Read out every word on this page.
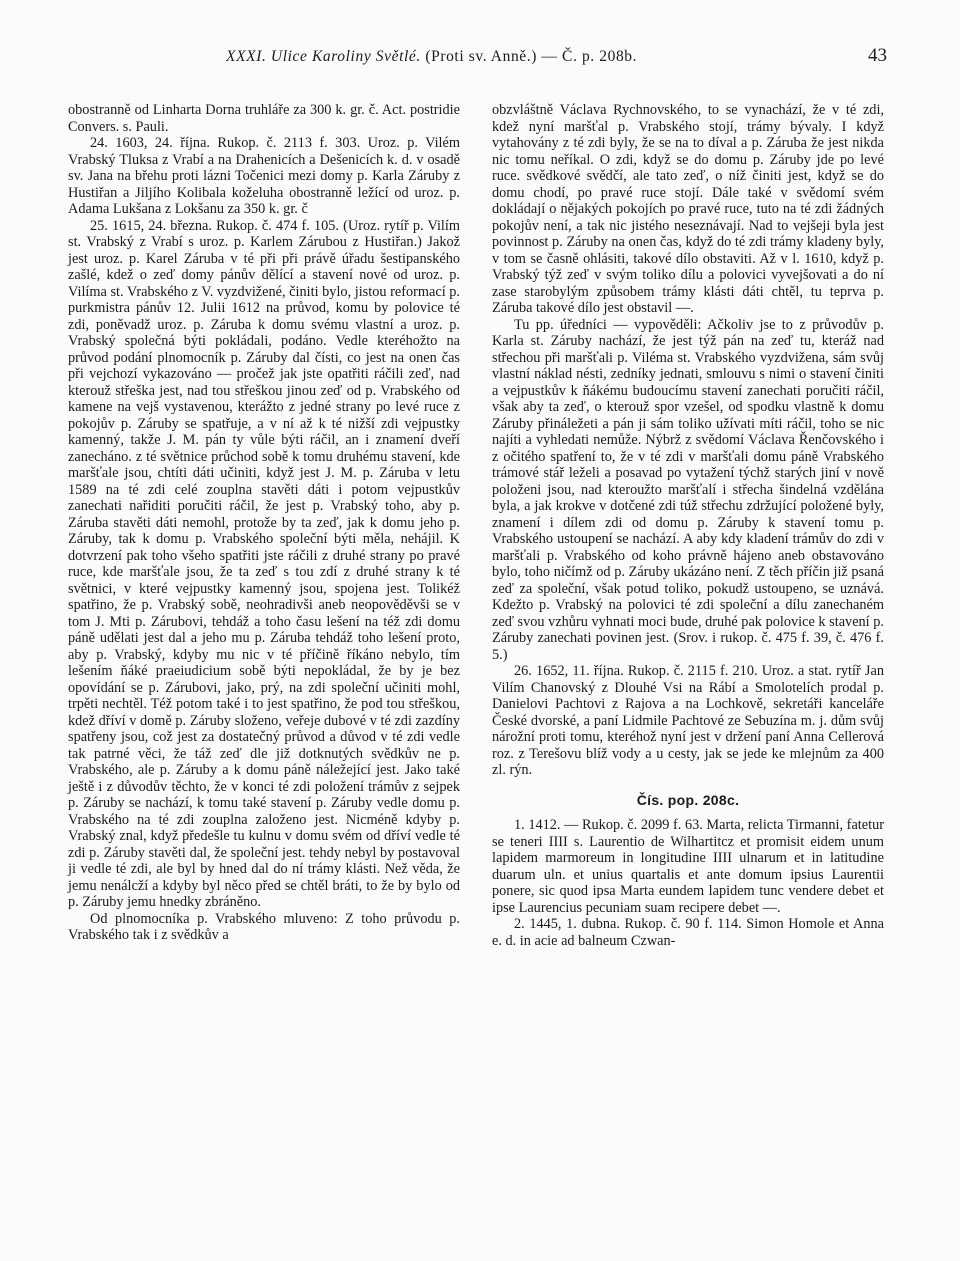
XXXI. Ulice Karoliny Světlé. (Proti sv. Anně.) — Č. p. 208b.	43

obostranně od Linharta Dorna truhláře za 300 k. gr. č. Act. postridie Convers. s. Pauli.

24. 1603, 24. října. Rukop. č. 2113 f. 303. Uroz. p. Vilém Vrabský Tluksa z Vrabí a na Drahenicích a Dešenicích k. d. v osadě sv. Jana na břehu proti lázni Točenici mezi domy p. Karla Záruby z Hustiřan a Jiljího Kolibala koželuha obostranně ležící od uroz. p. Adama Lukšana z Lokšanu za 350 k. gr. č

25. 1615, 24. března. Rukop. č. 474 f. 105. (Uroz. rytíř p. Vilím st. Vrabský z Vrabí s uroz. p. Karlem Zárubou z Hustiřan.) Jakož jest uroz. p. Karel Záruba v té při při právě úřadu šestipanského zašlé, kdež o zeď domy pánův dělící a stavení nové od uroz. p. Vilíma st. Vrabského z V. vyzdvižené, činiti bylo, jistou reformací p. purkmistra pánův 12. Julii 1612 na průvod, komu by polovice té zdi, poněvadž uroz. p. Záruba k domu svému vlastní a uroz. p. Vrabský společná býti pokládali, podáno. Vedle kteréhožto na průvod podání plnomocník p. Záruby dal čísti, co jest na onen čas při vejchozí vykazováno — pročež jak jste opatřiti ráčili zeď, nad kterouž střeška jest, nad tou střeškou jinou zeď od p. Vrabského od kamene na vejš vystavenou, kterážto z jedné strany po levé ruce z pokojův p. Záruby se spatřuje, a v ní až k té nižší zdi vejpustky kamenný, takže J. M. pán ty vůle býti ráčil, an i znamení dveří zanecháno. z té světnice průchod sobě k tomu druhému stavení, kde maršťale jsou, chtíti dáti učiniti, když jest J. M. p. Záruba v letu 1589 na té zdi celé zouplna stavěti dáti i potom vejpustkův zanechati nařiditi poručiti ráčil, že jest p. Vrabský toho, aby p. Záruba stavěti dáti nemohl, protože by ta zeď, jak k domu jeho p. Záruby, tak k domu p. Vrabského společní býti měla, nehájil. K dotvrzení pak toho všeho spatřiti jste ráčili z druhé strany po pravé ruce, kde maršťale jsou, že ta zeď s tou zdí z druhé strany k té světnici, v které vejpustky kamenný jsou, spojena jest. Tolikéž spatřino, že p. Vrabský sobě, neohradivši aneb neopověděvši se v tom J. Mti p. Zárubovi, tehdáž a toho času lešení na též zdi domu páně udělati jest dal a jeho mu p. Záruba tehdáž toho lešení proto, aby p. Vrabský, kdyby mu nic v té příčině říkáno nebylo, tím lešením ňáké praeiudicium sobě býti nepokládal, že by je bez opovídání se p. Zárubovi, jako, prý, na zdi společní učiniti mohl, trpěti nechtěl. Též potom také i to jest spatřino, že pod tou střeškou, kdež dříví v domě p. Záruby složeno, veřeje dubové v té zdi zazdíny spatřeny jsou, což jest za dostatečný průvod a důvod v té zdi vedle tak patrné věci, že táž zeď dle již dotknutých svědkův ne p. Vrabského, ale p. Záruby a k domu páně náležející jest. Jako také ještě i z důvodův těchto, že v konci té zdi položení trámův z sejpek p. Záruby se nachází, k tomu také stavení p. Záruby vedle domu p. Vrabského na té zdi zouplna založeno jest. Nicméně kdyby p. Vrabský znal, když předešle tu kulnu v domu svém od dříví vedle té zdi p. Záruby stavěti dal, že společní jest. tehdy nebyl by postavoval ji vedle té zdi, ale byl by hned dal do ní trámy klásti. Než věda, že jemu nenálcží a kdyby byl něco před se chtěl bráti, to že by bylo od p. Záruby jemu hnedky zbráněno.

Od plnomocníka p. Vrabského mluveno: Z toho průvodu p. Vrabského tak i z svědkův a

obzvláštně Václava Rychnovského, to se vynachází, že v té zdi, kdež nyní maršťal p. Vrabského stojí, trámy bývaly. I když vytahovány z té zdi byly, že se na to díval a p. Záruba že jest nikda nic tomu neříkal. O zdi, když se do domu p. Záruby jde po levé ruce. svědkové svědčí, ale tato zeď, o níž činiti jest, když se do domu chodí, po pravé ruce stojí. Dále také v svědomí svém dokládají o nějakých pokojích po pravé ruce, tuto na té zdi žádných pokojův není, a tak nic jistého neseznávají. Nad to vejšeji byla jest povinnost p. Záruby na onen čas, když do té zdi trámy kladeny byly, v tom se časně ohlásiti, takové dílo obstaviti. Až v l. 1610, když p. Vrabský týž zeď v svým toliko dílu a polovici vyvejšovati a do ní zase starobylým způsobem trámy klásti dáti chtěl, tu teprva p. Záruba takové dílo jest obstavil —.

Tu pp. úředníci — vypověděli: Ačkoliv jse to z průvodův p. Karla st. Záruby nachází, že jest týž pán na zeď tu, kteráž nad střechou při maršťali p. Viléma st. Vrabského vyzdvižena, sám svůj vlastní náklad nésti, zedníky jednati, smlouvu s nimi o stavení činiti a vejpustkův k ňákému budoucímu stavení zanechati poručiti ráčil, však aby ta zeď, o kterouž spor vzešel, od spodku vlastně k domu Záruby přináležeti a pán ji sám toliko užívati míti ráčil, toho se nic najíti a vyhledati nemůže. Nýbrž z svědomí Václava Řenčovského i z očitého spatření to, že v té zdi v maršťali domu páně Vrabského trámové stář leželi a posavad po vytažení týchž starých jiní v nově položeni jsou, nad kteroužto maršťalí i střecha šindelná vzdělána byla, a jak krokve v dotčené zdi túž střechu zdržující položené byly, znamení i dílem zdi od domu p. Záruby k stavení tomu p. Vrabského ustoupení se nachází. A aby kdy kladení trámův do zdi v maršťali p. Vrabského od koho právně hájeno aneb obstavováno bylo, toho ničímž od p. Záruby ukázáno není. Z těch příčin již psaná zeď za společní, však potud toliko, pokudž ustoupeno, se uznává. Kdežto p. Vrabský na polovici té zdi společní a dílu zanechaném zeď svou vzhůru vyhnati moci bude, druhé pak polovice k stavení p. Záruby zanechati povinen jest. (Srov. i rukop. č. 475 f. 39, č. 476 f. 5.)

26. 1652, 11. října. Rukop. č. 2115 f. 210. Uroz. a stat. rytíř Jan Vilím Chanovský z Dlouhé Vsi na Rábí a Smolotelích prodal p. Danielovi Pachtovi z Rajova a na Lochkově, sekretáři kanceláře České dvorské, a paní Lidmile Pachtové ze Sebuzína m. j. dům svůj nárožní proti tomu, kteréhož nyní jest v držení paní Anna Cellerová roz. z Terešovu blíž vody a u cesty, jak se jede ke mlejnům za 400 zl. rýn.

Čís. pop. 208c.

1. 1412. — Rukop. č. 2099 f. 63. Marta, relicta Tirmanni, fatetur se teneri IIII s. Laurentio de Wilhartitcz et promisit eidem unum lapidem marmoreum in longitudine IIII ulnarum et in latitudine duarum uln. et unius quartalis et ante domum ipsius Laurentii ponere, sic quod ipsa Marta eundem lapidem tunc vendere debet et ipse Laurencius pecuniam suam recipere debet —.

2. 1445, 1. dubna. Rukop. č. 90 f. 114. Simon Homole et Anna e. d. in acie ad balneum Czwan-
